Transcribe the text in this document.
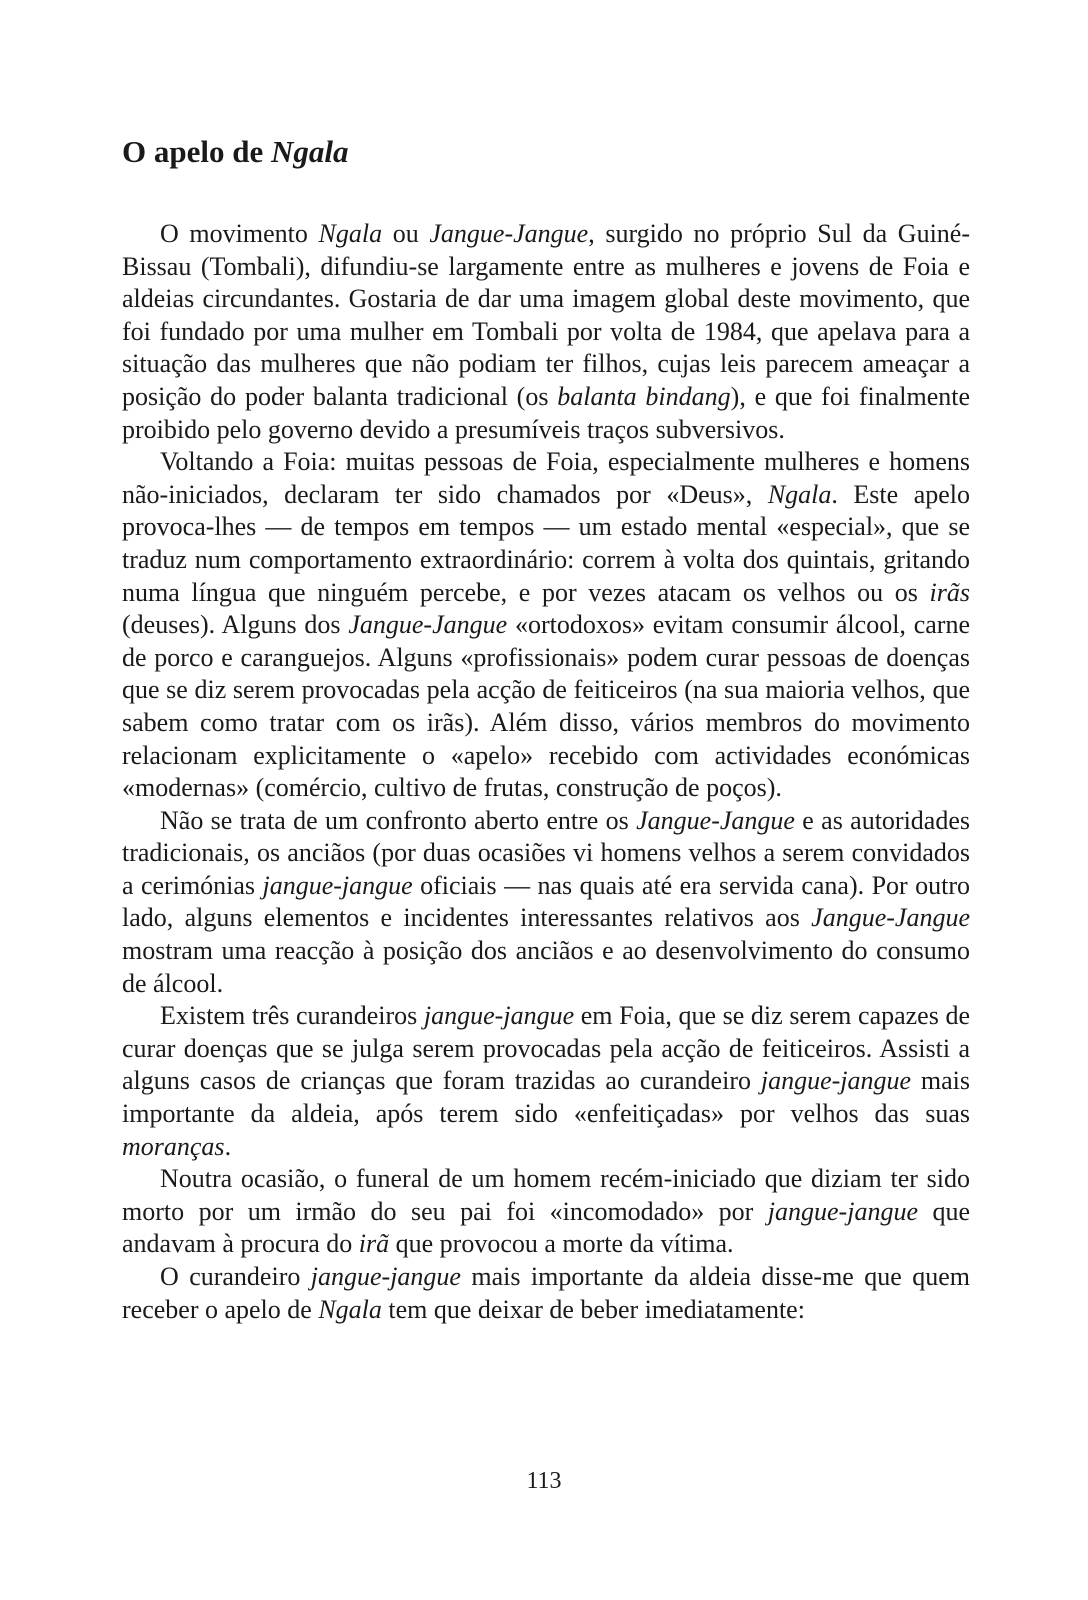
O apelo de Ngala

O movimento Ngala ou Jangue-Jangue, surgido no próprio Sul da Guiné-Bissau (Tombali), difundiu-se largamente entre as mulheres e jovens de Foia e aldeias circundantes. Gostaria de dar uma imagem global deste movimento, que foi fundado por uma mulher em Tombali por volta de 1984, que apelava para a situação das mulheres que não podiam ter filhos, cujas leis parecem ameaçar a posição do poder balanta tradicional (os balanta bindang), e que foi finalmente proibido pelo governo devido a presumíveis traços subversivos.

Voltando a Foia: muitas pessoas de Foia, especialmente mulheres e homens não-iniciados, declaram ter sido chamados por «Deus», Ngala. Este apelo provoca-lhes — de tempos em tempos — um estado mental «especial», que se traduz num comportamento extraordinário: correm à volta dos quintais, gritando numa língua que ninguém percebe, e por vezes atacam os velhos ou os irãs (deuses). Alguns dos Jangue-Jangue «ortodoxos» evitam consumir álcool, carne de porco e caranguejos. Alguns «profissionais» podem curar pessoas de doenças que se diz serem provocadas pela acção de feiticeiros (na sua maioria velhos, que sabem como tratar com os irãs). Além disso, vários membros do movimento relacionam explicitamente o «apelo» recebido com actividades económicas «modernas» (comércio, cultivo de frutas, construção de poços).

Não se trata de um confronto aberto entre os Jangue-Jangue e as autoridades tradicionais, os anciãos (por duas ocasiões vi homens velhos a serem convidados a cerimónias jangue-jangue oficiais — nas quais até era servida cana). Por outro lado, alguns elementos e incidentes interessantes relativos aos Jangue-Jangue mostram uma reacção à posição dos anciãos e ao desenvolvimento do consumo de álcool.

Existem três curandeiros jangue-jangue em Foia, que se diz serem capazes de curar doenças que se julga serem provocadas pela acção de feiticeiros. Assisti a alguns casos de crianças que foram trazidas ao curandeiro jangue-jangue mais importante da aldeia, após terem sido «enfeitiçadas» por velhos das suas moranças.

Noutra ocasião, o funeral de um homem recém-iniciado que diziam ter sido morto por um irmão do seu pai foi «incomodado» por jangue-jangue que andavam à procura do irã que provocou a morte da vítima.

O curandeiro jangue-jangue mais importante da aldeia disse-me que quem receber o apelo de Ngala tem que deixar de beber imediatamente:

113
